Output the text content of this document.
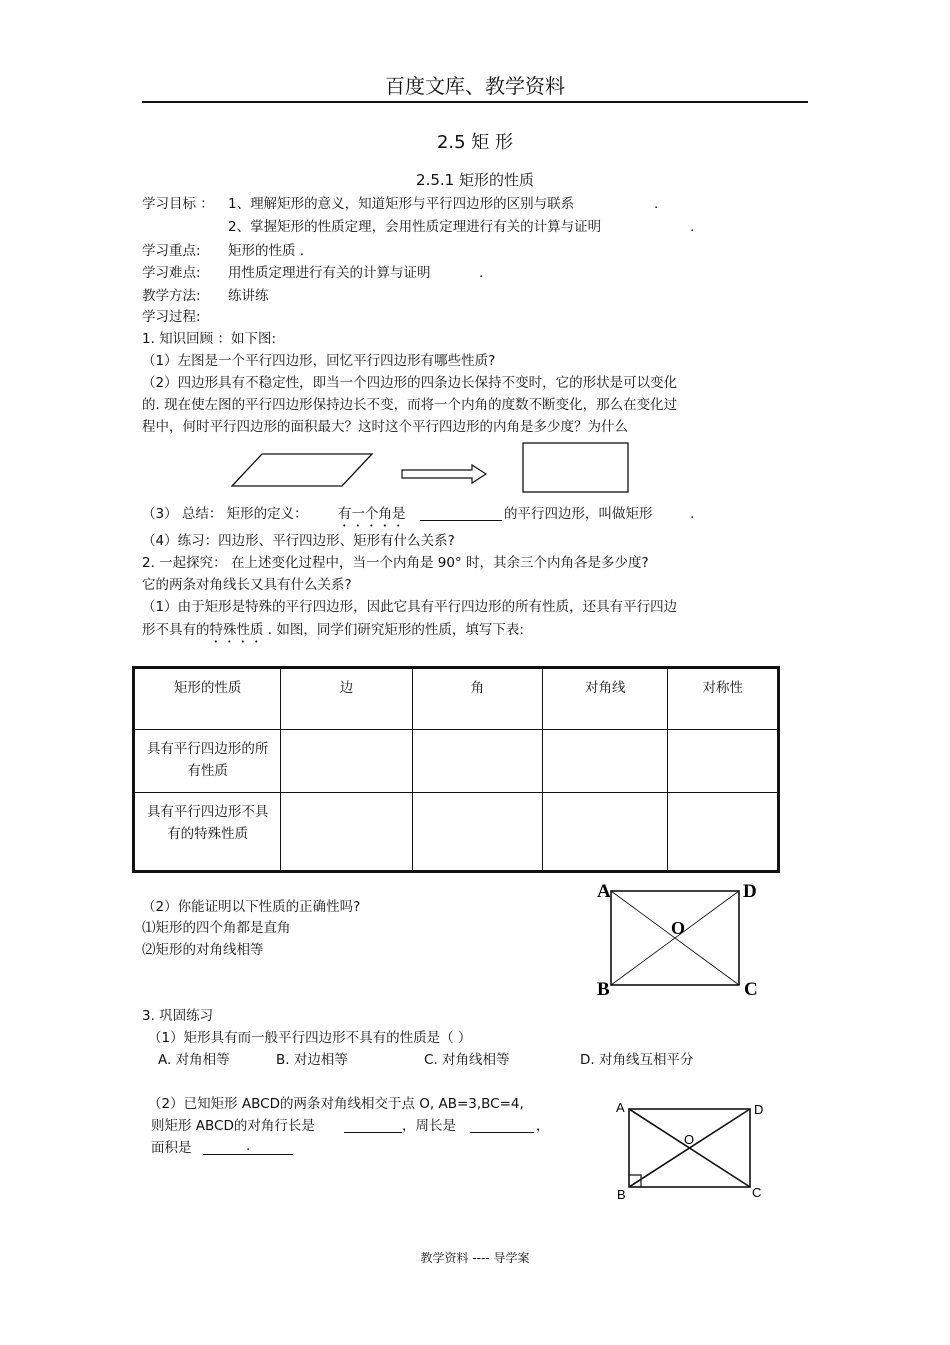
百度文库、教学资料
2.5 矩 形
2.5.1 矩形的性质
学习目标 ： 1、理解矩形的意义，知道矩形与平行四边形的区别与联系	.
2、掌握矩形的性质定理，会用性质定理进行有关的计算与证明	.
学习重点: 矩形的性质 .
学习难点: 用性质定理进行有关的计算与证明	.
教学方法: 练讲练
学习过程:
1. 知识回顾 ：如下图:
（1）左图是一个平行四边形，回忆平行四边形有哪些性质?
（2）四边形具有不稳定性，即当一个四边形的四条边长保持不变时，它的形状是可以变化
的. 现在使左图的平行四边形保持边长不变，而将一个内角的度数不断变化，那么在变化过
程中，何时平行四边形的面积最大？这时这个平行四边形的内角是多少度？为什么
（3） 总结： 矩形的定义： 有一个角是	的平行四边形，叫做矩形	.
（4）练习：四边形、平行四边形、矩形有什么关系?
2. 一起探究： 在上述变化过程中，当一个内角是 90° 时，其余三个内角各是多少度?
它的两条对角线长又具有什么关系?
（1）由于矩形是特殊的平行四边形，因此它具有平行四边形的所有性质，还具有平行四边
形不具有的特殊性质 . 如图，同学们研究矩形的性质，填写下表:
矩形的性质	边	角	对角线	对称性
具有平行四边形的所有性质				
具有平行四边形不具有的特殊性质				
（2）你能证明以下性质的正确性吗?
⑴矩形的四个角都是直角
⑵矩形的对角线相等
A	D
B	C
O
3. 巩固练习
（1）矩形具有而一般平行四边形不具有的性质是（ ）
A. 对角相等	B. 对边相等	C. 对角线相等	D. 对角线互相平分
（2）已知矩形 ABCD的两条对角线相交于点 O, AB=3,BC=4,
则矩形 ABCD的对角行长是	，周长是	，
面积是	.
A	D
B	C
O
教学资料 ---- 导学案
